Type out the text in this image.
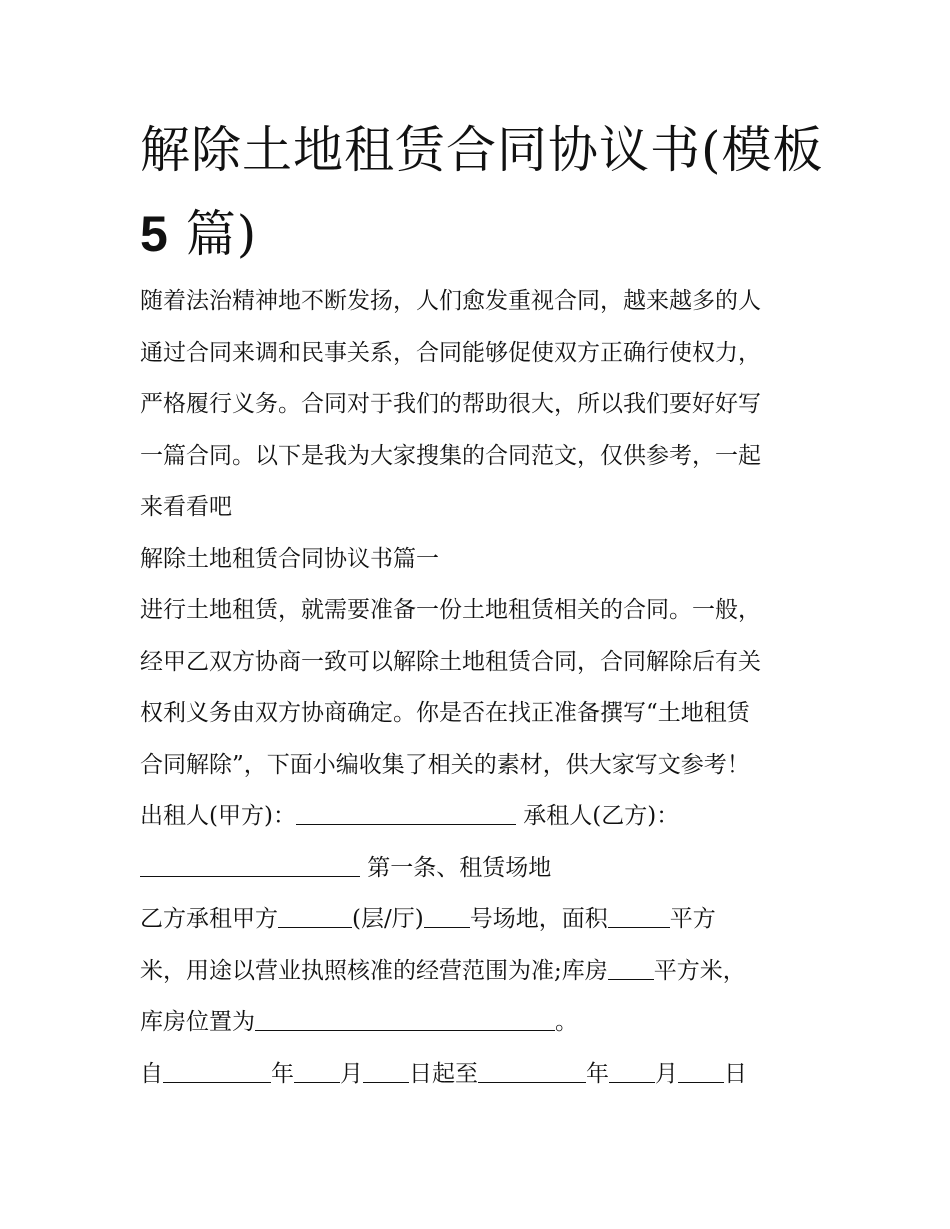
解除土地租赁合同协议书(模板
5 篇)

随着法治精神地不断发扬，人们愈发重视合同，越来越多的人
通过合同来调和民事关系，合同能够促使双方正确行使权力，
严格履行义务。合同对于我们的帮助很大，所以我们要好好写
一篇合同。以下是我为大家搜集的合同范文，仅供参考，一起
来看看吧

解除土地租赁合同协议书篇一

进行土地租赁，就需要准备一份土地租赁相关的合同。一般，
经甲乙双方协商一致可以解除土地租赁合同，合同解除后有关
权利义务由双方协商确定。你是否在找正准备撰写“土地租赁
合同解除”，下面小编收集了相关的素材，供大家写文参考！

出租人(甲方)：	承租人(乙方)：
第一条、租赁场地

乙方承租甲方	(层/厅) 号场地，面积	平方
米，用途以营业执照核准的经营范围为准;库房 平方米，
库房位置为	。

自	年 月 日起至	年 月 日
